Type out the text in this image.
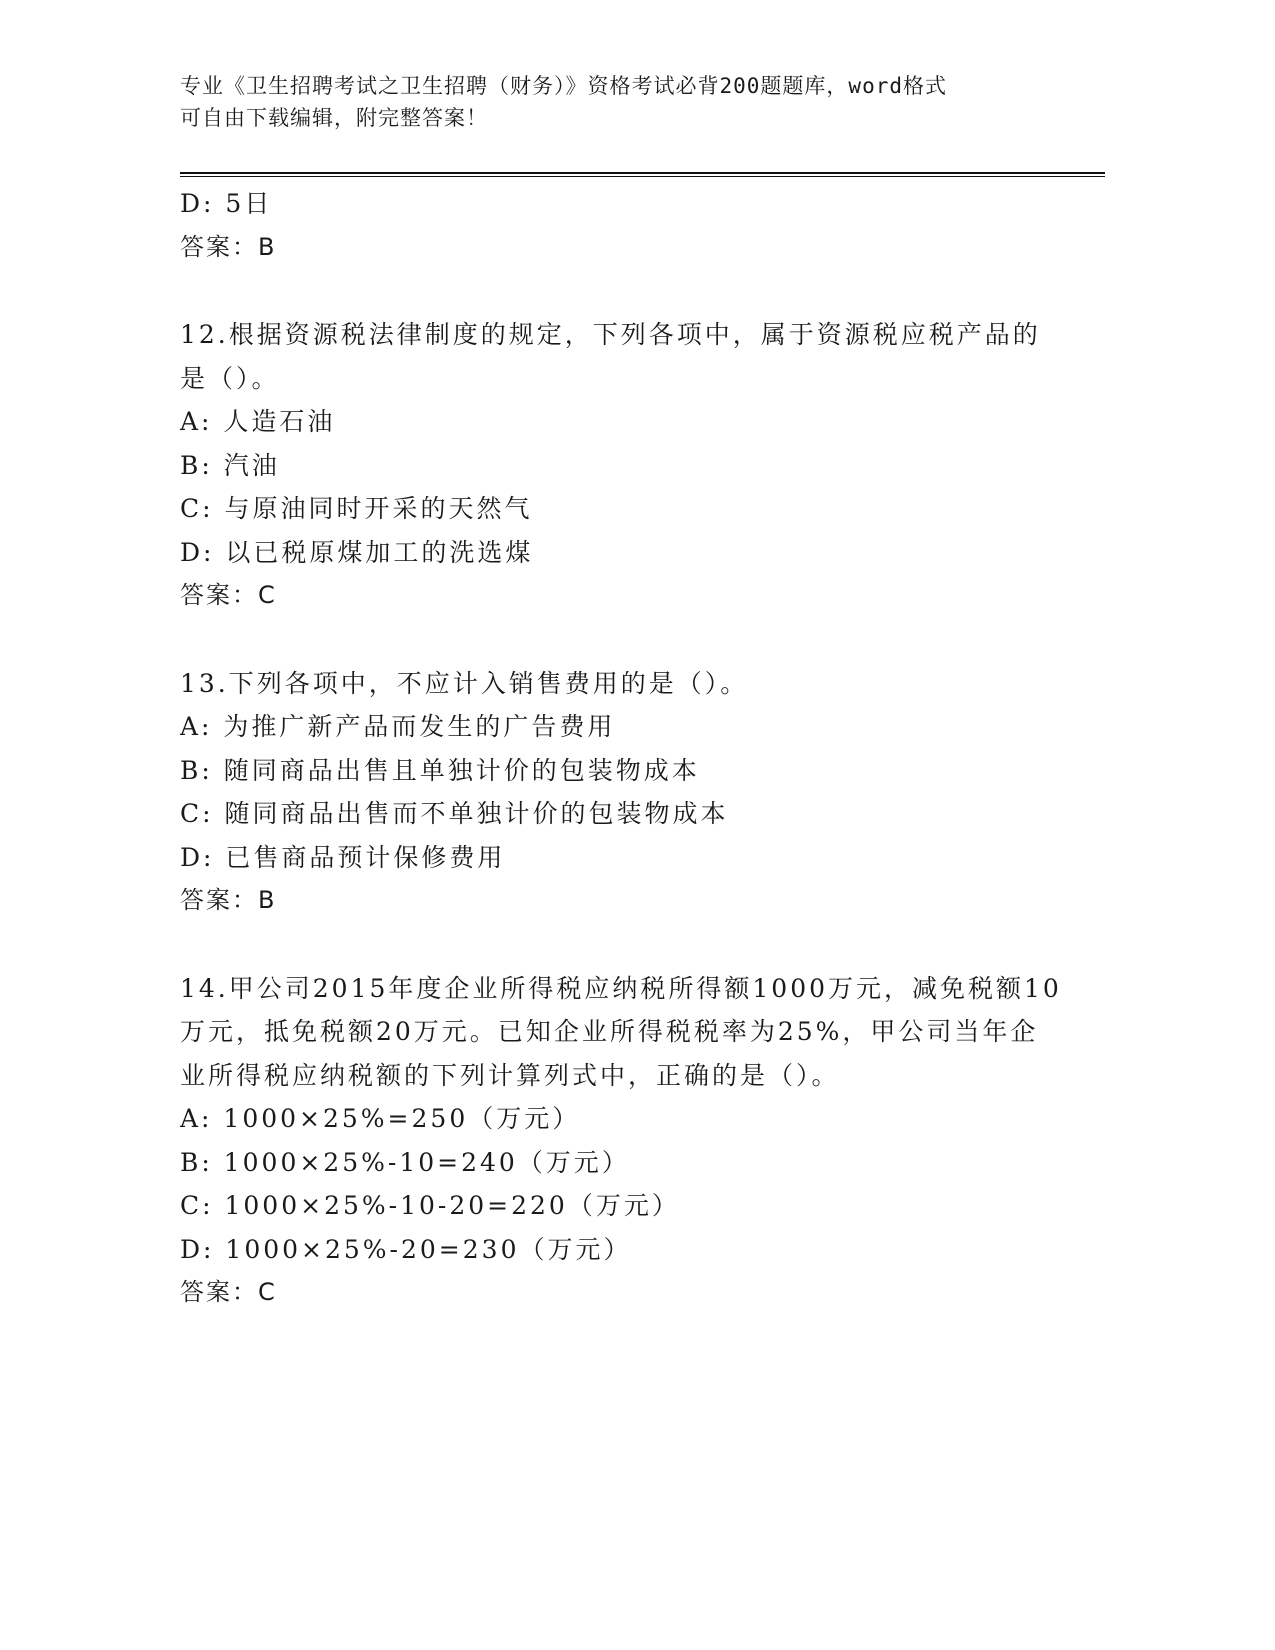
专业《卫生招聘考试之卫生招聘（财务）》资格考试必背200题题库，word格式
可自由下载编辑，附完整答案！
D: 5日
答案：B
12.根据资源税法律制度的规定，下列各项中，属于资源税应税产品的
是（）。
A: 人造石油
B: 汽油
C: 与原油同时开采的天然气
D: 以已税原煤加工的洗选煤
答案：C
13.下列各项中，不应计入销售费用的是（）。
A: 为推广新产品而发生的广告费用
B: 随同商品出售且单独计价的包装物成本
C: 随同商品出售而不单独计价的包装物成本
D: 已售商品预计保修费用
答案：B
14.甲公司2015年度企业所得税应纳税所得额1000万元，减免税额10
万元，抵免税额20万元。已知企业所得税税率为25%，甲公司当年企
业所得税应纳税额的下列计算列式中，正确的是（）。
A: 1000×25%=250（万元）
B: 1000×25%-10=240（万元）
C: 1000×25%-10-20=220（万元）
D: 1000×25%-20=230（万元）
答案：C
